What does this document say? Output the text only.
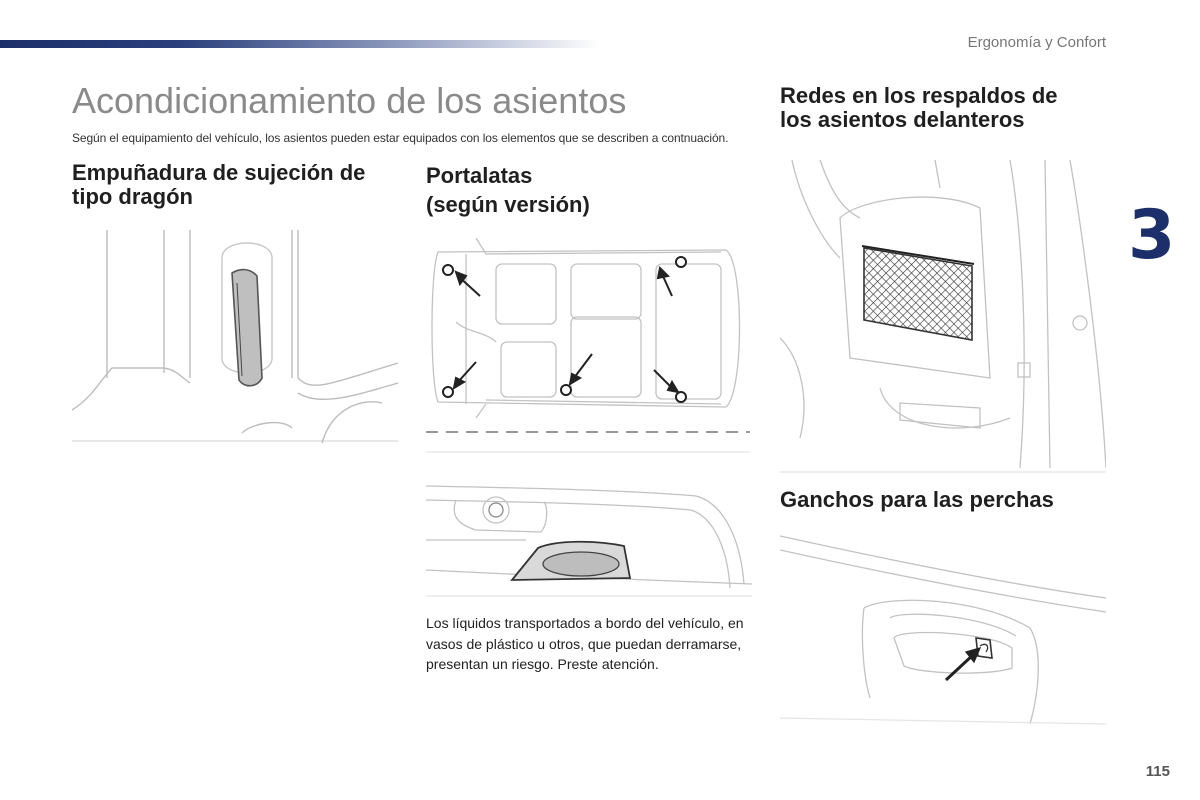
Ergonomía y Confort
3
Acondicionamiento de los asientos

Según el equipamiento del vehículo, los asientos pueden estar equipados con los elementos que se describen a contnuación.

Empuñadura de sujeción de
tipo dragón
Portalatas
(según versión)

Los líquidos transportados a bordo del vehículo, en vasos de plástico u otros, que puedan derramarse, presentan un riesgo. Preste atención.

Redes en los respaldos de
los asientos delanteros
Ganchos para las perchas
115
